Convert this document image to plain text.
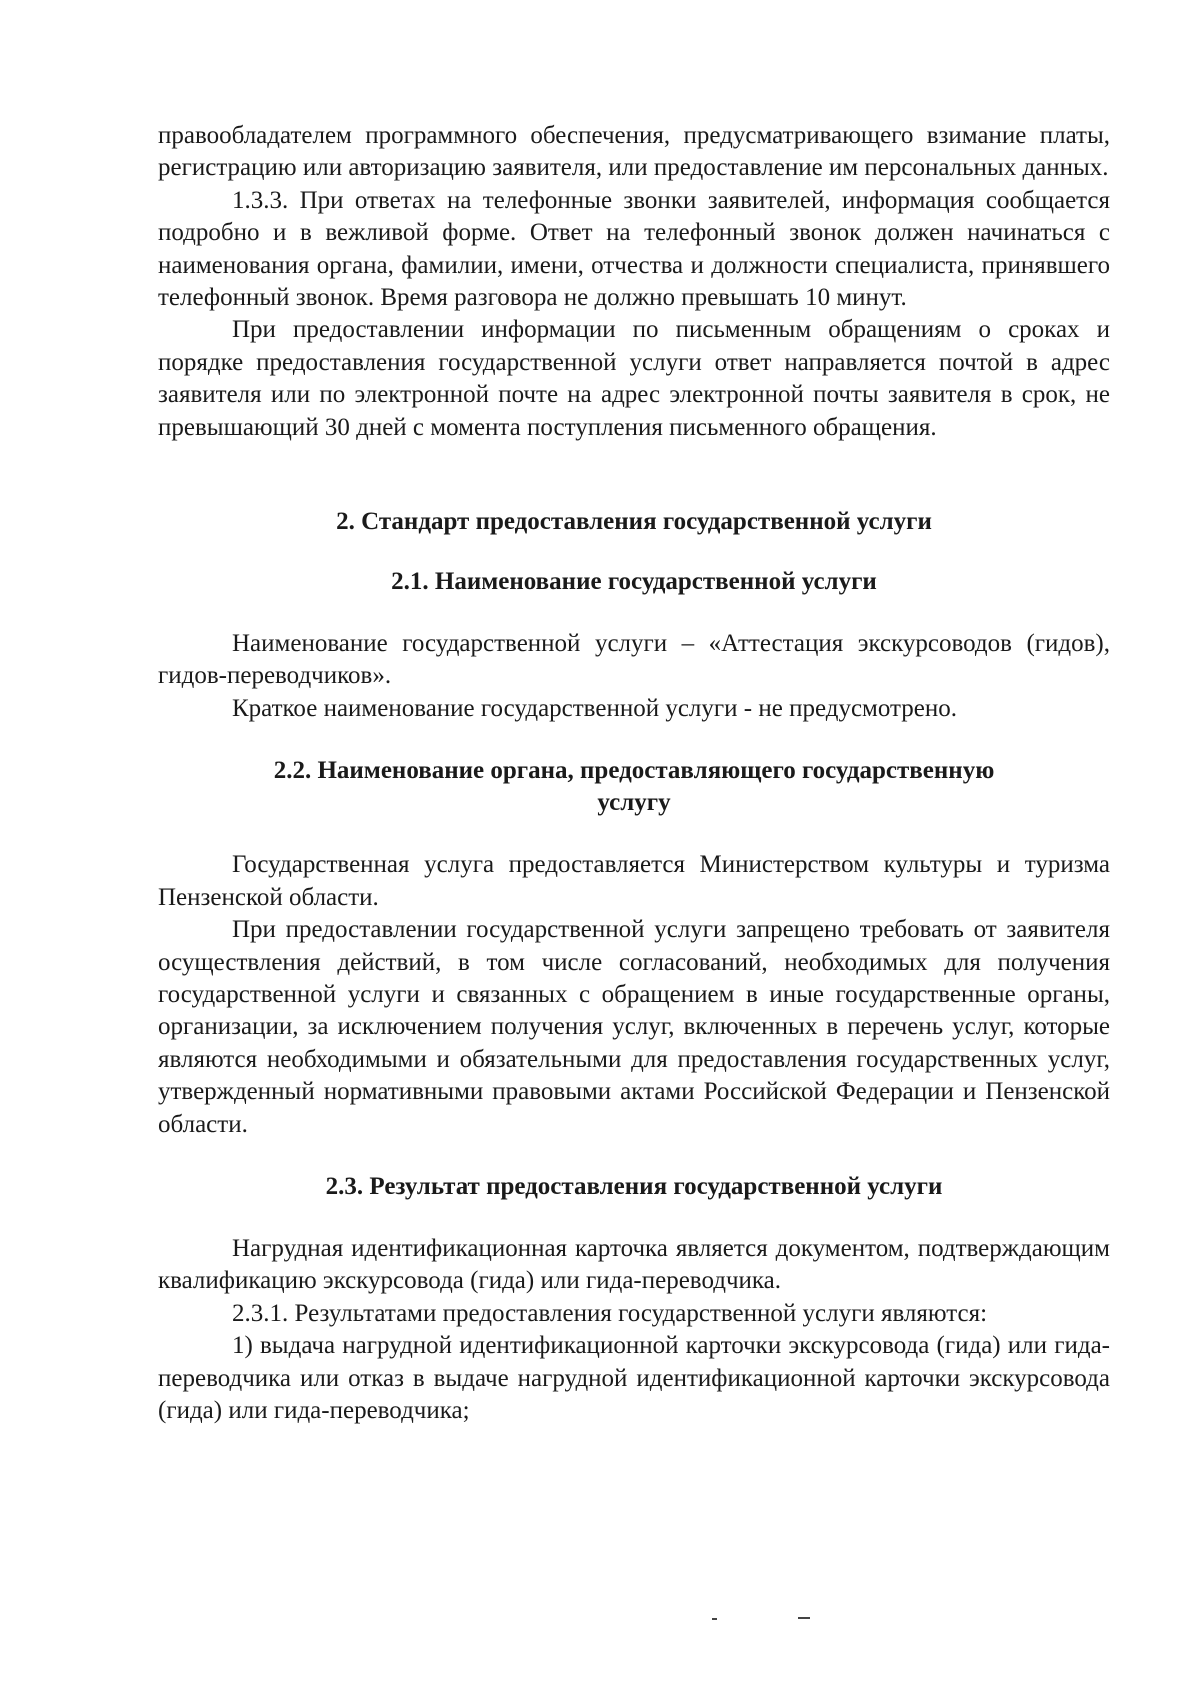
правообладателем программного обеспечения, предусматривающего взимание платы, регистрацию или авторизацию заявителя, или предоставление им персональных данных.

1.3.3. При ответах на телефонные звонки заявителей, информация сообщается подробно и в вежливой форме. Ответ на телефонный звонок должен начинаться с наименования органа, фамилии, имени, отчества и должности специалиста, принявшего телефонный звонок. Время разговора не должно превышать 10 минут.

При предоставлении информации по письменным обращениям о сроках и порядке предоставления государственной услуги ответ направляется почтой в адрес заявителя или по электронной почте на адрес электронной почты заявителя в срок, не превышающий 30 дней с момента поступления письменного обращения.

2. Стандарт предоставления государственной услуги
2.1. Наименование государственной услуги

Наименование государственной услуги – «Аттестация экскурсоводов (гидов), гидов-переводчиков».

Краткое наименование государственной услуги - не предусмотрено.

2.2. Наименование органа, предоставляющего государственную
услугу

Государственная услуга предоставляется Министерством культуры и туризма Пензенской области.

При предоставлении государственной услуги запрещено требовать от заявителя осуществления действий, в том числе согласований, необходимых для получения государственной услуги и связанных с обращением в иные государственные органы, организации, за исключением получения услуг, включенных в перечень услуг, которые являются необходимыми и обязательными для предоставления государственных услуг, утвержденный нормативными правовыми актами Российской Федерации и Пензенской области.

2.3. Результат предоставления государственной услуги

Нагрудная идентификационная карточка является документом, подтверждающим квалификацию экскурсовода (гида) или гида-переводчика.

2.3.1. Результатами предоставления государственной услуги являются:

1) выдача нагрудной идентификационной карточки экскурсовода (гида) или гида-переводчика или отказ в выдаче нагрудной идентификационной карточки экскурсовода (гида) или гида-переводчика;
